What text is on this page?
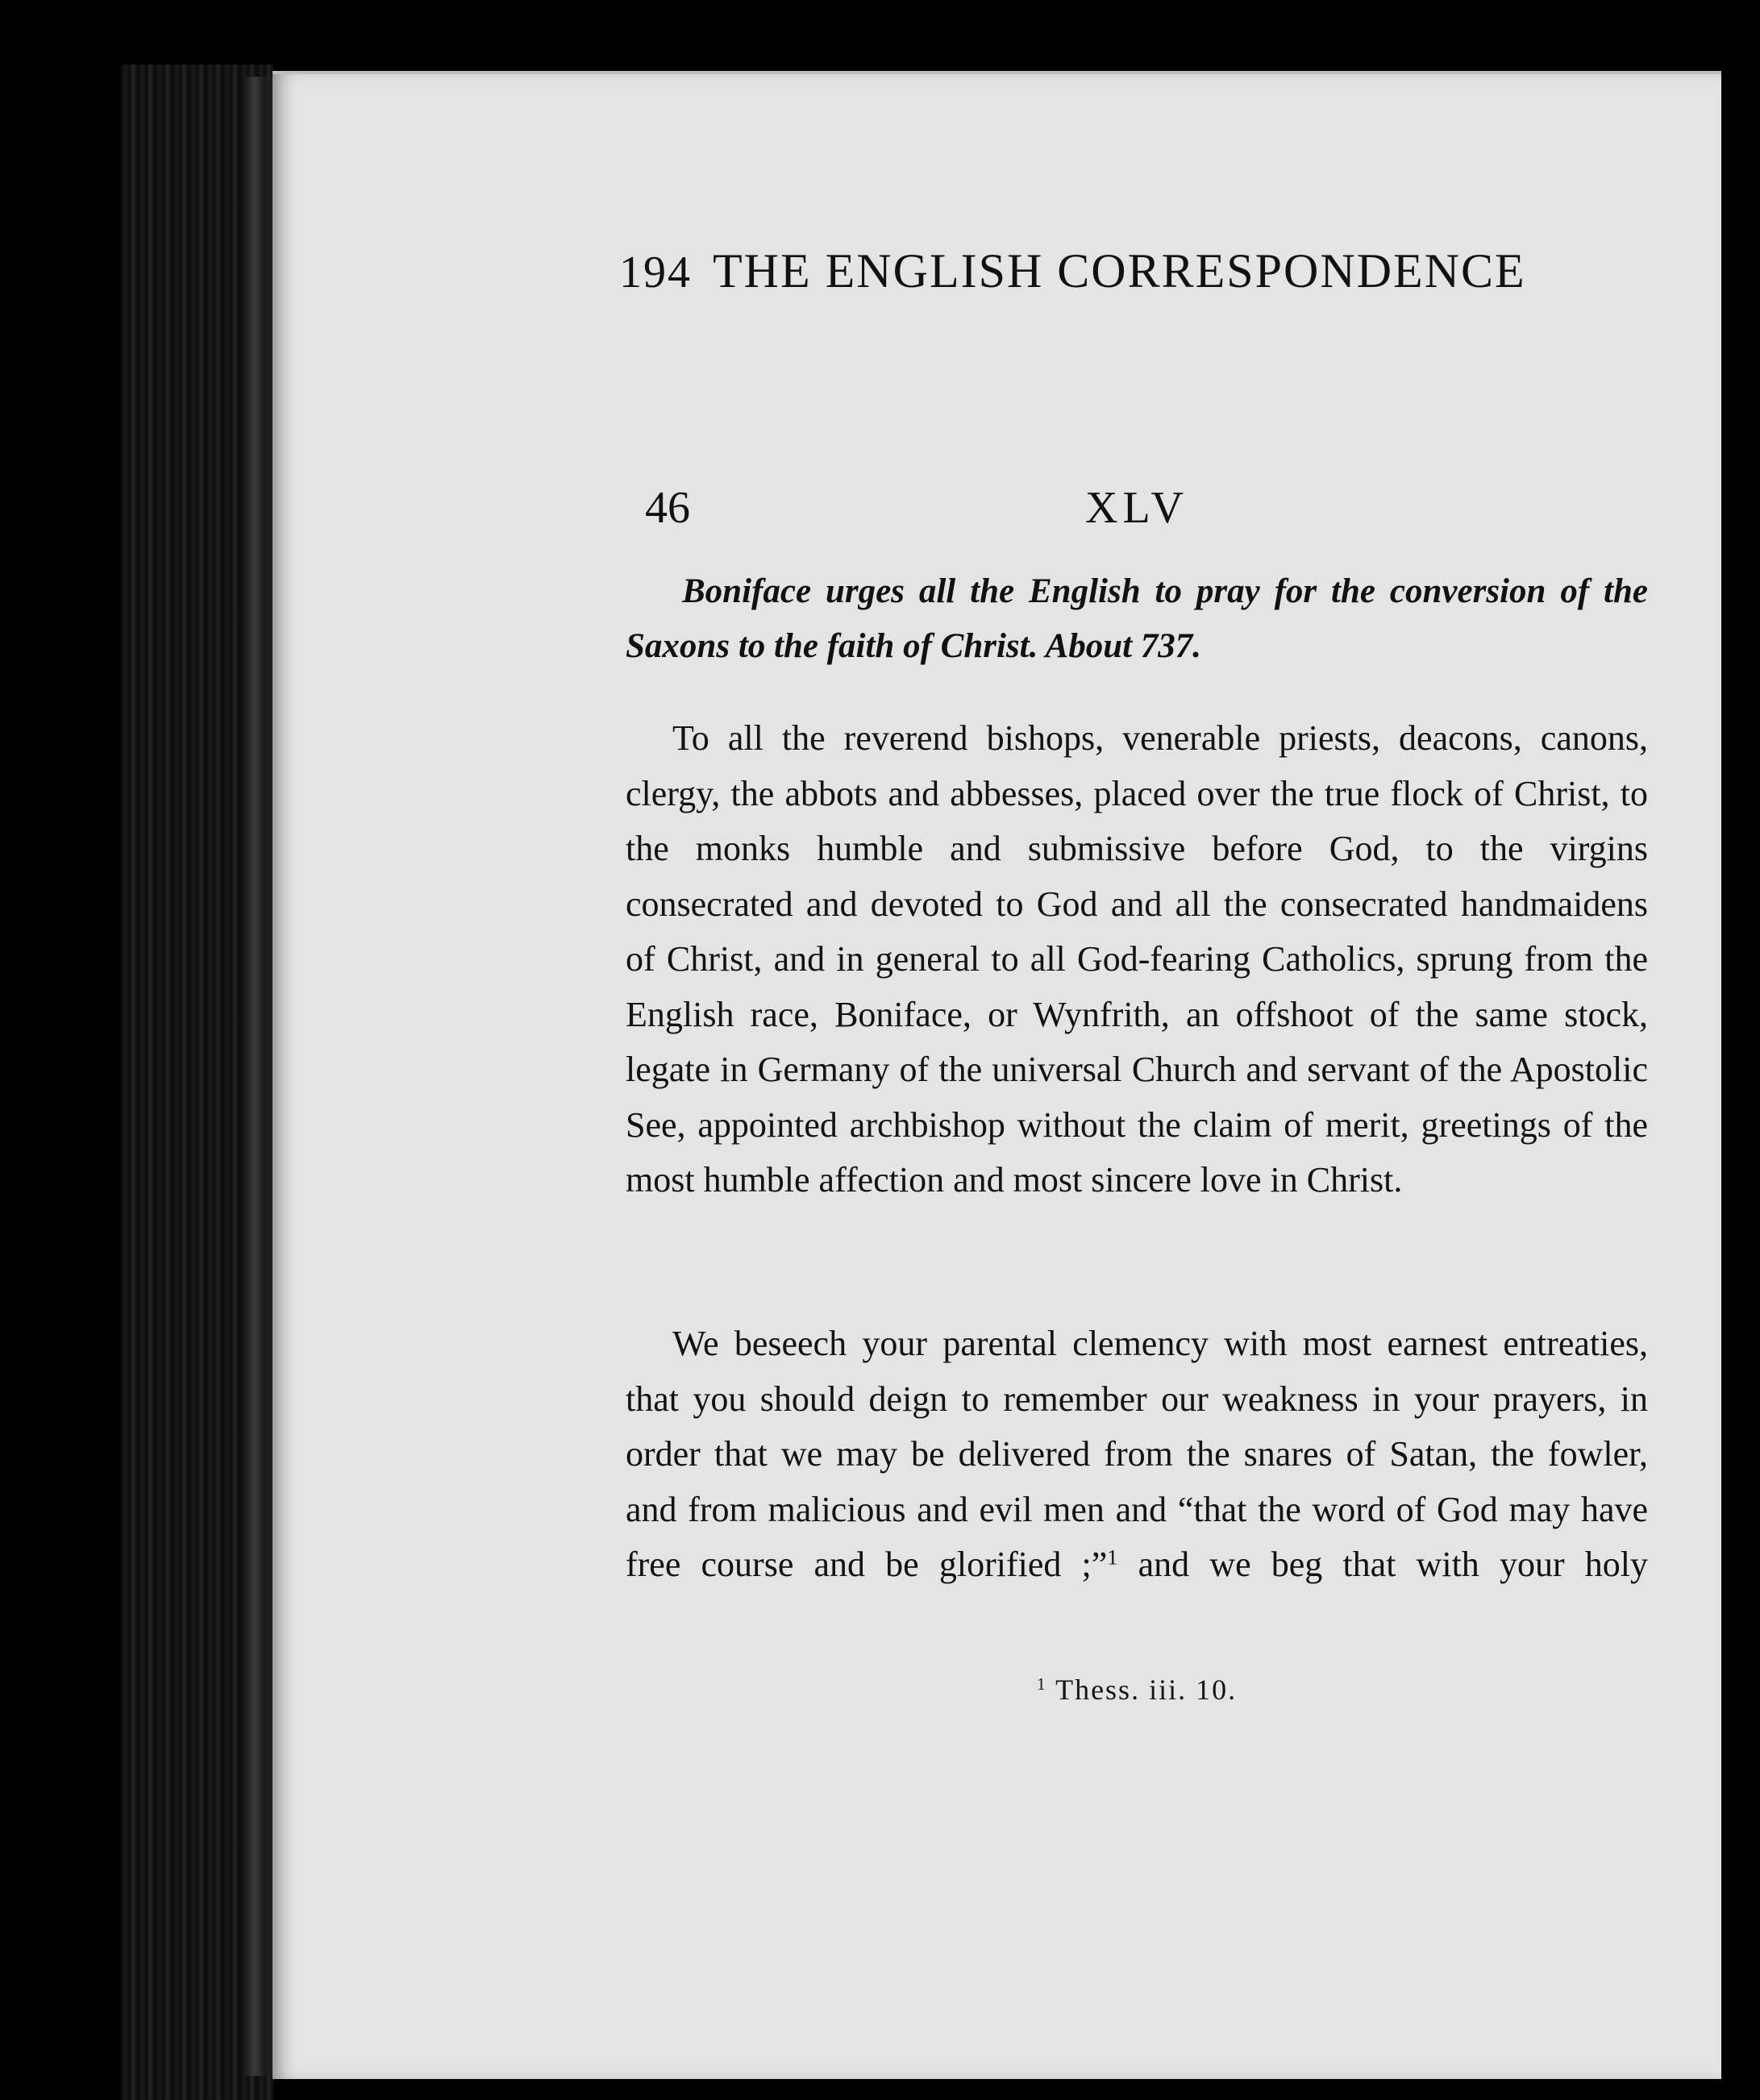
194 THE ENGLISH CORRESPONDENCE
46	XLV

Boniface urges all the English to pray for the conversion of the Saxons to the faith of Christ. About 737.

To all the reverend bishops, venerable priests, deacons, canons, clergy, the abbots and abbesses, placed over the true flock of Christ, to the monks humble and submissive before God, to the virgins consecrated and devoted to God and all the consecrated handmaidens of Christ, and in general to all God-fearing Catholics, sprung from the English race, Boniface, or Wynfrith, an offshoot of the same stock, legate in Germany of the universal Church and servant of the Apostolic See, appointed archbishop without the claim of merit, greetings of the most humble affection and most sincere love in Christ.

We beseech your parental clemency with most earnest entreaties, that you should deign to remember our weakness in your prayers, in order that we may be delivered from the snares of Satan, the fowler, and from malicious and evil men and “that the word of God may have free course and be glorified ;”$^1$ and we beg that with your holy

$^1$ Thess. iii. 10.
